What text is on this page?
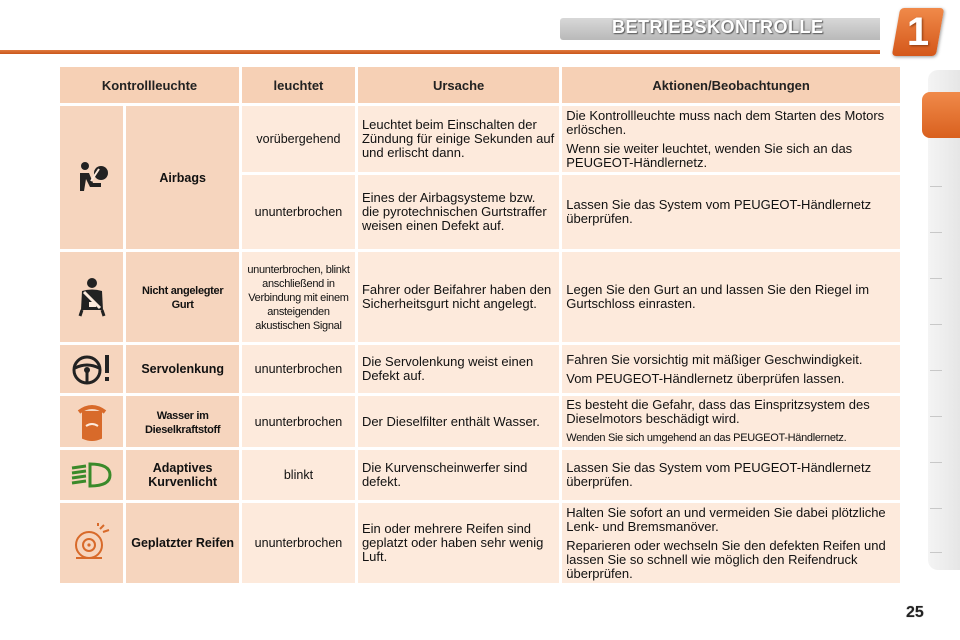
BETRIEBSKONTROLLE 1
Kontrollleuchte		leuchtet	Ursache	Aktionen/Beobachtungen

	Airbags	vorübergehend	Leuchtet beim Einschalten der Zündung für einige Sekunden auf und erlischt dann.	Die Kontrollleuchte muss nach dem Starten des Motors erlöschen.
Wenn sie weiter leuchtet, wenden Sie sich an das PEUGEOT-Händlernetz.

		ununterbrochen	Eines der Airbagsysteme bzw. die pyrotechnischen Gurtstraffer weisen einen Defekt auf.	Lassen Sie das System vom PEUGEOT-Händlernetz überprüfen.

	Nicht angelegter Gurt	ununterbrochen, blinkt anschließend in Verbindung mit einem ansteigenden akustischen Signal	Fahrer oder Beifahrer haben den Sicherheitsgurt nicht angelegt.	Legen Sie den Gurt an und lassen Sie den Riegel im Gurtschloss einrasten.

	Servolenkung	ununterbrochen	Die Servolenkung weist einen Defekt auf.	Fahren Sie vorsichtig mit mäßiger Geschwindigkeit.
Vom PEUGEOT-Händlernetz überprüfen lassen.

	Wasser im Dieselkraftstoff	ununterbrochen	Der Dieselfilter enthält Wasser.	Es besteht die Gefahr, dass das Einspritzsystem des Dieselmotors beschädigt wird.
Wenden Sie sich umgehend an das PEUGEOT-Händlernetz.

	Adaptives Kurvenlicht	blinkt	Die Kurvenscheinwerfer sind defekt.	Lassen Sie das System vom PEUGEOT-Händlernetz überprüfen.

	Geplatzter Reifen	ununterbrochen	Ein oder mehrere Reifen sind geplatzt oder haben sehr wenig Luft.	Halten Sie sofort an und vermeiden Sie dabei plötzliche Lenk- und Bremsmanöver.
Reparieren oder wechseln Sie den defekten Reifen und lassen Sie so schnell wie möglich den Reifendruck überprüfen.
25
